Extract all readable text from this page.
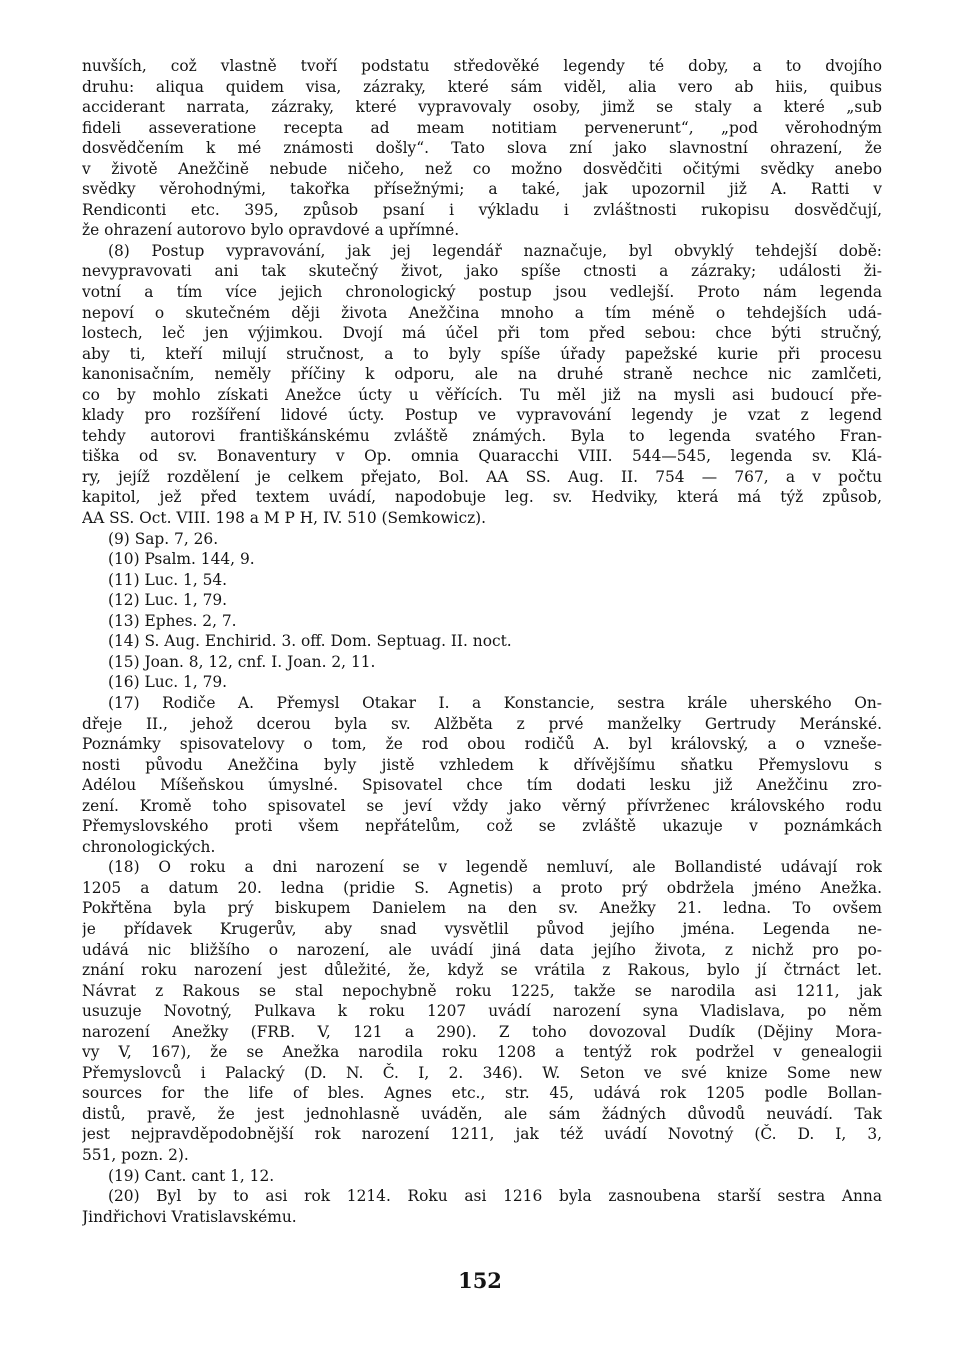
nuvších, což vlastně tvoří podstatu středověké legendy té doby, a to dvojího
druhu: aliqua quidem visa, zázraky, které sám viděl, alia vero ab hiis, quibus
acciderant narrata, zázraky, které vypravovaly osoby, jimž se staly a které „sub
fideli asseveratione recepta ad meam notitiam pervenerunt“, „pod věrohodným
dosvědčením k mé známosti došly“. Tato slova zní jako slavnostní ohrazení, že
v životě Anežčině nebude ničeho, než co možno dosvědčiti očitými svědky anebo
svědky věrohodnými, takořka přísežnými; a také, jak upozornil již A. Ratti v
Rendiconti etc. 395, způsob psaní i výkladu i zvláštnosti rukopisu dosvědčují,
že ohrazení autorovo bylo opravdové a upřímné.
(8) Postup vypravování, jak jej legendář naznačuje, byl obvyklý tehdejší době:
nevypravovati ani tak skutečný život, jako spíše ctnosti a zázraky; události ži-
votní a tím více jejich chronologický postup jsou vedlejší. Proto nám legenda
nepoví o skutečném ději života Anežčina mnoho a tím méně o tehdejších udá-
lostech, leč jen výjimkou. Dvojí má účel při tom před sebou: chce býti stručný,
aby ti, kteří milují stručnost, a to byly spíše úřady papežské kurie při procesu
kanonisačním, neměly příčiny k odporu, ale na druhé straně nechce nic zamlčeti,
co by mohlo získati Anežce úcty u věřících. Tu měl již na mysli asi budoucí pře-
klady pro rozšíření lidové úcty. Postup ve vypravování legendy je vzat z legend
tehdy autorovi františkánskému zvláště známých. Byla to legenda svatého Fran-
tiška od sv. Bonaventury v Op. omnia Quaracchi VIII. 544—545, legenda sv. Klá-
ry, jejíž rozdělení je celkem přejato, Bol. AA SS. Aug. II. 754 — 767, a v počtu
kapitol, jež před textem uvádí, napodobuje leg. sv. Hedviky, která má týž způsob,
AA SS. Oct. VIII. 198 a M P H, IV. 510 (Semkowicz).
(9) Sap. 7, 26.
(10) Psalm. 144, 9.
(11) Luc. 1, 54.
(12) Luc. 1, 79.
(13) Ephes. 2, 7.
(14) S. Aug. Enchirid. 3. off. Dom. Septuag. II. noct.
(15) Joan. 8, 12, cnf. I. Joan. 2, 11.
(16) Luc. 1, 79.
(17) Rodiče A. Přemysl Otakar I. a Konstancie, sestra krále uherského On-
dřeje II., jehož dcerou byla sv. Alžběta z prvé manželky Gertrudy Meránské.
Poznámky spisovatelovy o tom, že rod obou rodičů A. byl královský, a o vzneše-
nosti původu Anežčina bylу jistě vzhledem k dřívějšímu sňatku Přemyslovu s
Adélou Míšeňskou úmyslné. Spisovatel chce tím dodati lesku již Anežčinu zro-
zení. Kromě toho spisovatel se jeví vždy jako věrný přívrženec královského rodu
Přemyslovského proti všem nepřátelům, což se zvláště ukazuje v poznámkách
chronologických.
(18) O roku a dni narození se v legendě nemluví, ale Bollandisté udávají rok
1205 a datum 20. ledna (pridie S. Agnetis) a proto prý obdržela jméno Anežka.
Pokřtěna byla prý biskupem Danielem na den sv. Anežky 21. ledna. To ovšem
je přídavek Krugerův, aby snad vysvětlil původ jejího jména. Legenda ne-
udává nic bližšího o narození, ale uvádí jiná data jejího života, z nichž pro po-
znání roku narození jest důležité, že, když se vrátila z Rakous, bylo jí čtrnáct let.
Návrat z Rakous se stal nepochybně roku 1225, takže se narodila asi 1211, jak
usuzuje Novotný, Pulkava k roku 1207 uvádí narození syna Vladislava, po něm
narození Anežky (FRB. V, 121 a 290). Z toho dovozoval Dudík (Dějiny Mora-
vy V, 167), že se Anežka narodila roku 1208 a tentýž rok podržel v genealogii
Přemyslovců i Palacký (D. N. Č. I, 2. 346). W. Seton ve své knize Some new
sources for the life of bles. Agnes etc., str. 45, udává rok 1205 podle Bollan-
distů, pravě, že jest jednohlasně uváděn, ale sám žádných důvodů neuvádí. Tak
jest nejpravděpodobnější rok narození 1211, jak též uvádí Novotný (Č. D. I, 3,
551, pozn. 2).
(19) Cant. cant 1, 12.
(20) Byl by to asi rok 1214. Roku asi 1216 byla zasnoubena starší sestra Anna
Jindřichovi Vratislavskému.
152
